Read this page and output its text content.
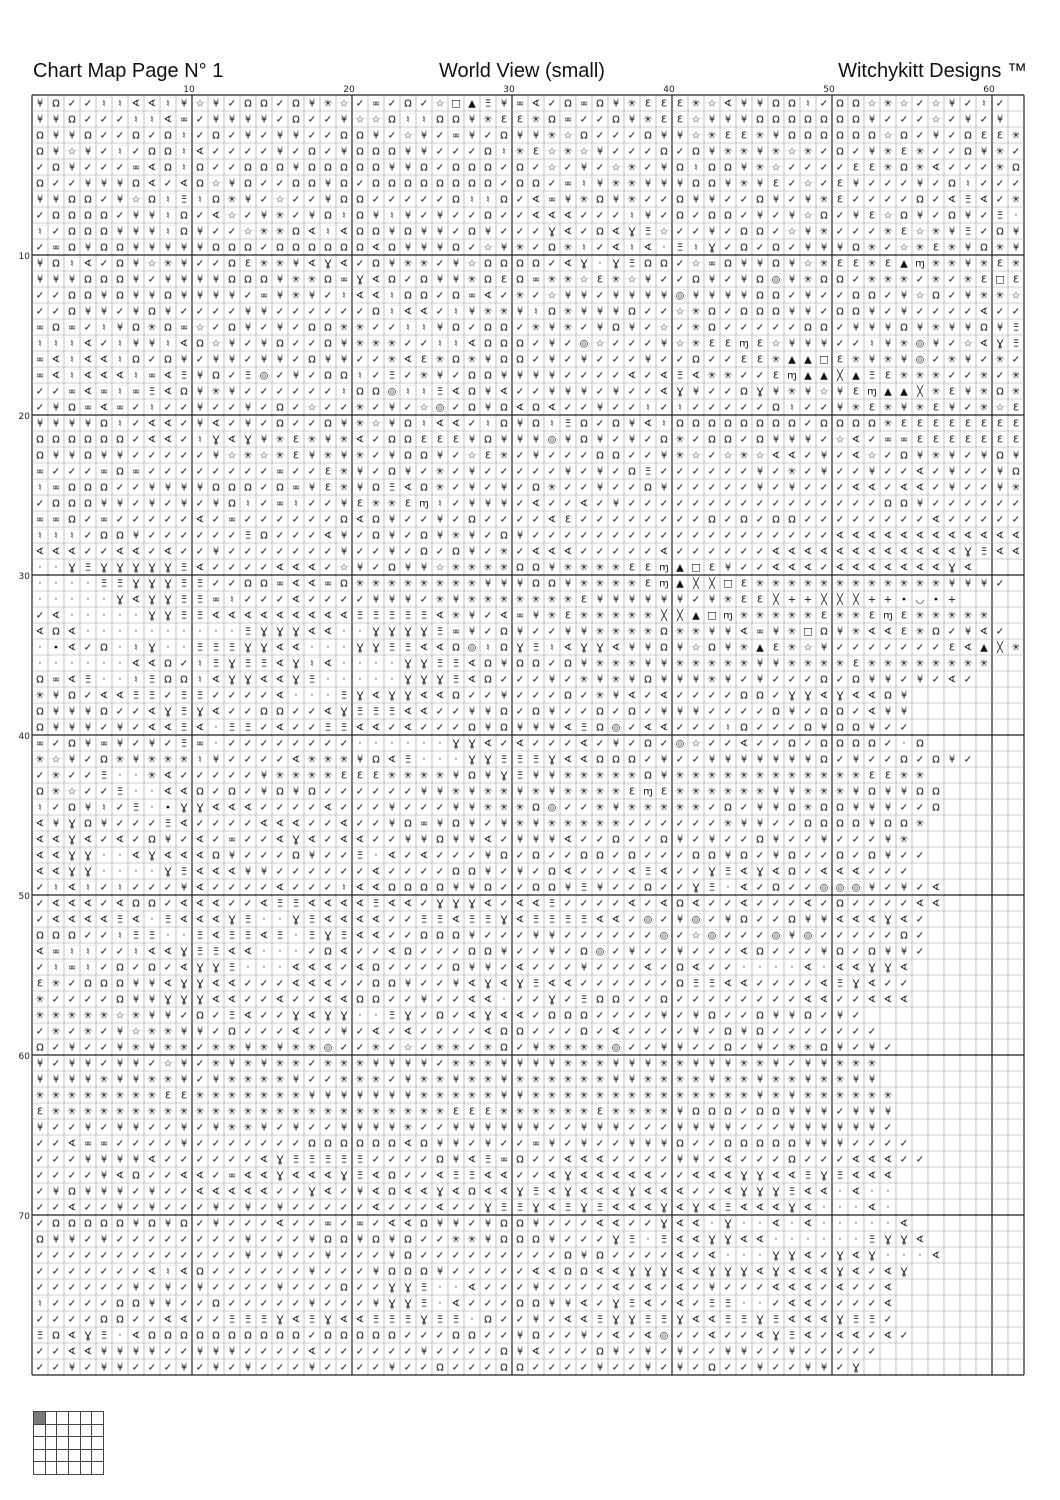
Chart Map Page N° 1	World View (small)	Witchykitt Designs ™
¥ Ω ✓ ✓ ♮ ♮ ∢ ∢ ♮ ¥ ☆ ¥ ✓ Ω Ω ✓ Ω ¥ ✳ ☆ ✓ ∞ ✓ Ω ✓ ☆ □ ▲ Ξ ¥ ∞ ∢ ✓ Ω ∞ Ω ¥ ✳ Ɛ Ɛ Ɛ ✳ ☆ ∢ ¥ ¥ Ω Ω ♮ ✓ Ω Ω ☆ ✳ ☆ ✓ ☆ ¥ ✓ ♮ ✓
¥ ¥ Ω ✓ ✓ ✓ ♮ ♮ ∢ ∞ ✓ ¥ ¥ ¥ ¥ ✓ Ω ✓ ✓ ¥ ☆ ☆ Ω ♮ ♮ Ω Ω ¥ ✳ Ɛ Ɛ ✳ Ω ∞ ✓ ✓ Ω ¥ ✳ Ɛ Ɛ ☆ ¥ ¥ ¥ Ω Ω Ω Ω Ω Ω Ω ¥ ✓ ✓ ✓ ☆ ✓ ¥ ✓ ¥
Ω ¥ ¥ Ω ✓ ✓ Ω ✓ Ω ♮ ✓ Ω ✓ ¥ ✓ ¥ ¥ ✓ ✓ Ω Ω ¥ ✓ ☆ ¥ ✓ ∞ ¥ ✓ Ω ¥ ¥ ✳ ☆ Ω ✓ ✓ ✓ Ω ¥ ¥ ☆ ✳ Ɛ Ɛ ✳ ¥ Ω Ω Ω Ω Ω Ω ☆ Ω ✓ ¥ ✓ Ω Ɛ Ɛ ✳
Ω ¥ ☆ ¥ ✓ ♮ ✓ Ω Ω ♮ ∢ ✓ ✓ ✓ ✓ ¥ ✓ Ω ✓ ¥ Ω Ω Ω ¥ ¥ ✓ ✓ ✓ Ω ♮ ✳ Ɛ ☆ ✳ ☆ ¥ ✓ ✓ ✓ Ω ✓ Ω ¥ ✳ ✳ ¥ ✳ ☆ ✳ ✓ Ω ✓ ¥ ✳ Ɛ ✳ ✓ ✓ Ω ¥ ✳ ✓
✓ Ω ¥ ✓ ✓ ✓ ∞ ∢ Ω ♮ Ω ✓ ✓ Ω Ω Ω ¥ Ω Ω Ω Ω Ω ¥ ¥ Ω ✓ Ω Ω Ω ✓ Ω ✓ ☆ ✓ ¥ ✓ ☆ ✳ ✓ ¥ Ω ♮ Ω Ω ¥ ✳ ☆ ✓ ✓ ✓ ✓ Ɛ Ɛ ✳ Ω ✳ ∢ ✓ ✓ ✓ ✳ Ω
Ω ✓ ✓ ¥ ¥ ¥ Ω ∢ ✓ ∢ Ω ☆ ¥ Ω ✓ ✓ Ω Ω ¥ Ω ✓ Ω Ω Ω Ω Ω Ω Ω Ω ✓ Ω Ω ✓ ∞ ♮ ¥ ✳ ✳ ¥ ¥ ¥ Ω Ω ¥ ✳ ¥ Ɛ ✓ ☆ ✓ Ɛ ¥ ✓ ✓ ✓ ¥ ✓ Ω ♮ ✓ ✓ ✓
¥ ¥ Ω Ω ✓ ¥ ☆ Ω ♮ Ξ ♮ Ω ✳ ¥ ✓ ☆ ✓ ✓ ¥ Ω Ω ✓ ✓ ✓ ✓ ✓ Ω ♮ ♮ Ω ✓ ∢ ∞ ¥ ✳ Ω ¥ ✳ ✓ ✓ Ω ¥ ¥ ✓ ✓ Ω ¥ ✓ ¥ ✳ Ɛ ✓ ✓ ✓ ✓ Ω ✓ ∢ Ξ ∢ ✓ ✳
✓ Ω Ω Ω Ω ✓ ¥ ¥ ♮ Ω ✓ ∢ ☆ ✓ ¥ ✳ ✓ ¥ Ω ♮ Ω ¥ ♮ ¥ ✓ ¥ ✓ ✓ Ω ✓ ✓ ∢ ∢ ∢ ✓ ✓ ✓ ♮ ¥ ✓ Ω ✓ Ω Ω ✓ ¥ ✓ ¥ ☆ Ω ✓ ¥ Ɛ ☆ Ω ¥ ✓ Ω ¥ ✓ Ξ ·
♮ ✓ Ω Ω Ω ¥ ¥ ¥ ♮ Ω ¥ ✓ ✓ ☆ ✳ ✳ Ω ∢ ♮ ∢ Ω Ω ¥ Ω ¥ ¥ ✓ Ω ¥ ✓ ✓ ✓ Ɣ ∢ ✓ Ω ∢ Ɣ Ξ ☆ ✓ ✓ ¥ ✓ Ω Ω ✓ ☆ ¥ ✳ ✓ ✓ ✓ ✳ Ɛ ☆ ✳ ¥ Ξ ✓ Ω ¥
✓ ∞ Ω ¥ Ω Ω ¥ ¥ ¥ ¥ ¥ Ω Ω Ω ✓ Ω Ω Ω Ω Ω Ω ∢ Ω ¥ ¥ ¥ Ω ✓ ☆ ¥ ✳ ✓ Ω ✳ ♮ ✓ ∢ ♮ ∢ · Ξ ♮ Ɣ ✓ Ω ✓ Ω ✓ ¥ ¥ ¥ Ω ✳ ✓ ☆ ✳ Ɛ ✳ ¥ Ω ✳ ¥
¥ Ω ♮ ∢ ✓ Ω ¥ ☆ ✳ ¥ ✓ ✓ Ω Ɛ ✳ ✳ ¥ ∢ Ɣ ∢ ✓ Ω ¥ ✳ ✳ ✓ ¥ ☆ Ω Ω Ω Ω ✓ ∢ Ɣ · Ɣ Ξ Ω Ω ✓ ☆ ∞ Ω ¥ ¥ Ω ¥ ☆ ✳ Ɛ Ɛ ✳ Ɛ ▲ ɱ ✳ ✳ ¥ ✳ Ɛ ✳
¥ ¥ ¥ Ω Ω Ω ¥ ✓ ¥ ¥ ¥ ¥ Ω Ω Ω ¥ ✳ ✳ Ω ∞ Ɣ ∢ Ω ✓ Ω ¥ ¥ ✳ Ω Ɛ Ω ∞ ✳ ✳ ☆ Ɛ ✳ ☆ ¥ ✓ ✓ Ω ¥ ✓ ¥ Ω ◎ ¥ ✳ Ω Ω ✓ ✳ ✳ ✳ ✓ ✳ ✓ ✳ Ɛ □ Ɛ
✓ ✓ Ω Ω ¥ Ω ¥ ¥ Ω ¥ ¥ ¥ ¥ ✓ ∞ ¥ ✳ ¥ ✓ ♮ ∢ ∢ ♮ Ω Ω ✓ Ω ∞ ∢ ✓ ✳ ✓ ☆ ¥ ¥ ✓ ¥ ¥ ¥ ¥ ◎ ¥ ¥ ¥ ¥ Ω Ω ✓ ¥ ✓ ✓ Ω Ω ✓ ¥ ☆ Ω ✓ ¥ ✳ ✳ ☆
✓ ✓ Ω ¥ ¥ ✓ ¥ Ω ¥ ✓ ✓ ✓ ✓ ¥ ¥ ✓ ✓ ✓ ✓ ✓ ✓ Ω ♮ ∢ ∢ ✓ ♮ ¥ ✳ ✳ ¥ ♮ Ω ✳ ¥ ¥ ¥ Ω ✓ ✓ ☆ ✳ Ω ✓ Ω Ω Ω ¥ ¥ ✓ Ω Ω ¥ ✓ ¥ ✓ ✓ ✓ ✓ ∢ ✓ ✓
∞ Ω ∞ ✓ ♮ ¥ Ω ✳ Ω ∞ ☆ ✓ Ω ¥ ✓ ¥ ✓ Ω Ω ✳ ✳ ✓ ✓ ♮ ♮ ¥ Ω ✓ Ω Ω ✓ ✳ ¥ ✳ ✓ ¥ Ω ¥ ✓ ☆ ✓ ✳ Ω ✓ ✓ ✓ ✓ ✓ Ω Ω ✓ ¥ ¥ ¥ Ω ¥ ✳ ¥ ¥ Ω ¥ Ξ
♮ ♮ ♮ ∢ ✓ ♮ ¥ ¥ ♮ ∢ Ω ☆ ¥ ✓ ¥ Ω ✓ ✓ Ω ¥ ✳ ✳ ✳ ✓ ✓ ♮ ♮ ∢ Ω Ω Ω ✓ ¥ ✓ ◎ ☆ ✓ ✓ ✓ ¥ ☆ ✳ Ɛ Ɛ ɱ Ɛ ☆ ¥ ¥ ¥ ✓ ✓ ♮ ¥ ✳ ◎ ¥ ✓ ☆ ∢ Ɣ Ξ
∞ ∢ ♮ ∢ ∢ ♮ Ω ✓ Ω ¥ ✓ ¥ ¥ ✓ ¥ ¥ ✓ Ω ¥ ¥ ✓ ✓ ✳ ∢ Ɛ ✳ Ω ✳ ¥ Ω Ω ✓ ¥ ✓ ¥ ✓ ✓ ✓ ¥ ✓ ✓ Ω ✓ ✓ Ɛ Ɛ ✳ ▲ ▲ □ Ɛ ✳ ¥ ✳ ¥ ◎ ✓ ✳ ¥ ✓ ✳ ✓
∞ ∢ ♮ ∢ ∢ ∢ ♮ ∞ ∢ Ξ ¥ Ω ✓ Ξ ◎ ✓ ¥ ✓ Ω Ω ♮ ✓ Ξ ✓ ✳ ¥ ✓ Ω Ω ¥ ¥ ¥ ¥ ✓ ✓ ✓ ✓ ∢ ✓ ∢ Ξ ∢ ✳ ✳ ✓ ✓ Ɛ ɱ ▲ ▲ ╳ ▲ Ξ Ɛ ✳ ✳ ✳ ✓ ✓ ✳ ✓ ✳
✓ ✓ ∞ ∢ ∞ ♮ ∞ Ξ ∢ Ω ¥ ✳ ¥ ✓ ✓ ✓ ✓ ✓ ✓ ♮ Ω Ω ◎ ♮ ♮ Ξ ∢ Ω ¥ ∢ ✓ ✓ ¥ ¥ ¥ ✓ ¥ ✓ ✓ ∢ Ɣ ¥ ✓ ✓ Ω Ɣ ¥ ✳ ¥ ☆ ¥ Ɛ ɱ ▲ ▲ ╳ ✳ Ɛ ¥ ✳ Ω ✳
✓ ¥ Ω ∞ ∢ ∞ ✓ ♮ ✓ ✓ ¥ ✓ ✓ ¥ ✓ Ω ✓ ☆ ✓ ✓ ✳ ✓ ¥ ✓ ☆ ◎ ✓ Ω ¥ Ω ∢ Ω ∢ ✓ ✓ ¥ ✓ ✓ ♮ ✓ ♮ ✓ ✓ ✓ ✓ ✓ Ω ♮ ✓ ✓ ¥ ✳ Ɛ ✳ ¥ ✳ Ɛ ¥ ✓ ✳ ☆ Ɛ
¥ ¥ ¥ ¥ Ω ♮ ✓ ∢ ∢ ✓ ¥ ∢ ✓ ¥ ✓ Ω ✓ ✓ Ω ¥ ✳ ☆ ¥ Ω ♮ ∢ ∢ ✓ ♮ Ω ¥ Ω ♮ Ξ Ω ✓ Ω ¥ ∢ ♮ Ω Ω Ω Ω Ω Ω Ω Ω ✓ Ω Ω Ω Ω ✳ Ɛ Ɛ Ɛ Ɛ Ɛ Ɛ Ɛ Ɛ
Ω Ω Ω Ω Ω Ω ✓ ∢ ∢ ✓ ♮ Ɣ ∢ Ɣ ¥ ✳ Ɛ ✳ ¥ ✳ ∢ ✓ Ω Ω Ɛ Ɛ Ɛ ¥ Ω ¥ ¥ ¥ ◎ ¥ Ω ¥ ✓ ¥ ✓ Ω ✳ ✓ Ω Ω ✓ Ω ¥ ¥ ¥ ✓ ☆ ∢ ✓ ∞ ∞ Ɛ Ɛ Ɛ Ɛ Ɛ Ɛ Ɛ
Ω ¥ ¥ Ω ¥ ¥ ✓ ✓ ✓ ✓ ✓ ¥ ☆ ✳ ☆ ✳ Ɛ ¥ ✳ ¥ ✳ ✓ ¥ Ω Ω ¥ ✓ ☆ Ɛ ✳ ✓ ¥ ✓ ✓ ✓ Ω Ω ✓ ✓ ¥ ✳ ☆ ✓ ☆ ✳ ☆ ∢ ∢ ✓ ¥ ✓ ∢ ☆ ✓ Ω ¥ ✳ ¥ ✓ ¥ Ω ¥
∞ ✓ ✓ ✓ ∞ Ω ∞ ✓ ✓ ✓ ✓ ✓ ✓ ✓ ✓ ∞ ✓ ✓ Ɛ ✳ ¥ ✓ Ω ¥ ✓ ✳ ✓ ¥ ✓ ✓ ✓ ✓ ✓ ¥ ✓ ¥ ✓ Ω Ξ ✓ ✓ ✓ ✓ ✓ ✓ ¥ ✓ ✳ ✓ ¥ ✓ ✓ ¥ ✓ ✓ ∢ ✓ ¥ ✓ ✓ ¥ Ω
♮ ∞ Ω Ω Ω ✓ ✓ ¥ ¥ ¥ ¥ Ω Ω Ω ✓ Ω ∞ ¥ Ɛ ✳ ¥ Ω Ξ ∢ Ω ✳ ✓ ¥ ✓ ¥ ✓ Ω ✳ ✓ ✓ ¥ ✓ ✓ Ω ¥ ✓ ✓ ✓ ✓ ✓ ¥ ✓ ¥ ✓ ✓ ✓ ∢ ∢ ✓ ∢ ∢ ✓ ¥ ✓ ✓ ¥ ✳
✓ Ω Ω Ω ¥ ¥ ✓ ¥ ✓ ¥ ✓ ¥ Ω ♮ ✓ ∞ ♮ ✓ ✓ ¥ Ɛ ✳ ✳ Ɛ ɱ ♮ ✓ ¥ ¥ ¥ ✓ ∢ ✓ ✓ ∢ ✓ ¥ ✓ ✓ ✓ ✓ ✓ ✓ ✓ ✓ ✓ ✓ ✓ ✓ ✓ ✓ ✓ ✓ Ω Ω ¥ ✓ ✓ ✓ ✓ ✓ ✓
∞ ∞ Ω ✓ ∞ ✓ ✓ ✓ ✓ ✓ ∢ ✓ ∞ ✓ ✓ ✓ ✓ ✓ ✓ Ω ∢ Ω ¥ ✓ ✓ ¥ ✓ Ω ✓ ✓ ✓ ✓ ∢ Ɛ ✓ ✓ ✓ ✓ ✓ ✓ ✓ ✓ Ω ✓ Ω ✓ Ω Ω ✓ ✓ ✓ ✓ ✓ ✓ ✓ ✓ ∢ ✓ ✓ ✓ ✓ ✓
♮ ♮ ♮ ✓ Ω Ω ¥ ✓ ✓ ✓ ✓ ✓ ✓ Ξ Ω ✓ ✓ ✓ ∢ ¥ ✓ Ω ¥ ✓ Ω ¥ ✳ ¥ ✓ Ω ¥ ✓ ✓ ✓ ✓ ✓ ✓ ✓ ✓ ✓ ✓ ✓ ✓ ✓ ✓ ✓ ✓ ✓ ✓ ✓ ∢ ∢ ∢ ∢ ∢ ∢ ∢ ∢ ∢ ∢ ∢ ∢
∢ ∢ ∢ ✓ ✓ ∢ ∢ ✓ ∢ ✓ ✓ ¥ ✓ ✓ ✓ ✓ ✓ ✓ ✓ ¥ ✓ ✓ ¥ ✓ Ω ✓ Ω ¥ ✓ ✳ ✓ ∢ ∢ ∢ ✓ ✓ ✓ ✓ ✓ ∢ ✓ ✓ ✓ ✓ ✓ ✓ ∢ ∢ ∢ ∢ ∢ ∢ ∢ ∢ ∢ ∢ ∢ ∢ Ɣ Ξ ∢ ∢
· · Ɣ Ξ Ɣ Ɣ Ɣ Ɣ Ɣ Ξ ∢ ✓ ✓ ✓ ✓ ∢ ∢ ∢ ✓ ☆ ¥ ✓ Ω ¥ ¥ ☆ ✳ ✳ ✳ ✳ Ω Ω ¥ ✳ ✳ ✳ ✳ Ɛ Ɛ ɱ ▲ □ Ɛ ¥ ✓ ✓ ∢ ∢ ∢ ✓ ∢ ∢ ∢ ∢ ∢ ∢ ∢ Ɣ ∢
· · · · Ξ Ξ Ɣ Ɣ Ɣ Ξ Ξ ✓ ✓ Ω Ω ∞ ∢ ∢ ∞ Ω ✳ ✳ ✳ ✳ ✳ ✳ ✳ ✳ ¥ ¥ ¥ Ω Ω ¥ ✳ ✳ ✳ ✳ Ɛ ɱ ▲ ╳ ╳ □ Ɛ ✳ ✳ ✳ ✳ ✳ ✳ ✳ ✳ ✳ ✳ ✳ ✳ ¥ ¥ ¥ ✓
· · · · · Ɣ ∢ Ɣ Ɣ Ξ Ξ ∞ ♮ ✓ ✓ ✓ ∢ ✓ ✓ ✓ ✓ ¥ ¥ ¥ ✓ ✳ ¥ ✳ ✳ ✳ ✳ ✳ ✳ ✳ Ɛ ¥ ¥ ¥ ¥ ¥ ¥ ✓ ¥ ✳ Ɛ Ɛ ╳ + + ╳ ╳ ╳ + + • ◡ • +
✓ ∢ · · · · · Ɣ Ɣ Ξ Ξ ∢ ∢ ∢ ∢ ∢ ∢ ∢ ∢ ∢ Ξ Ξ Ξ Ξ Ξ ∢ ✳ ¥ ✓ ∢ ∞ ¥ ✳ Ɛ ✳ ✳ ✳ ✳ ✳ ╳ ╳ ▲ □ ɱ ✳ ✳ ✳ ✳ ✳ Ɛ ✳ ✳ Ɛ ɱ Ɛ ✳ ✳ ✳ ✳ ✳
∢ Ω ∢ · · · · · · · · · · Ξ Ɣ Ɣ Ɣ ∢ ∢ · · Ɣ Ɣ Ɣ Ɣ Ξ ∞ ¥ ✓ Ω ¥ ✓ ✓ ¥ ¥ ✳ ✳ ✳ ✳ Ω ✳ ✳ ¥ ¥ ∢ ∞ ¥ ✳ □ Ω ¥ ✳ ∢ ∢ Ɛ ✳ Ω ✓ ¥ ∢ ✓
· • ∢ ✓ Ω · ♮ Ɣ · · Ξ Ξ Ξ Ɣ Ɣ ∢ ∢ · · · Ɣ Ɣ Ξ Ξ ∢ ∢ Ω ◎ ♮ Ω Ɣ Ξ ♮ ∢ Ɣ Ɣ ∢ ¥ ¥ Ω ¥ ☆ Ω ¥ ✳ ▲ Ɛ ✳ ☆ ¥ ✓ ✓ ✓ ✓ ✓ ✓ ✓ Ɛ ∢ ▲ ╳ ✳
· · · · · · ∢ ∢ Ω ✓ ♮ Ξ Ɣ Ξ Ξ ∢ Ɣ ♮ ∢ · · · · Ɣ Ɣ Ξ Ξ ∢ Ω ¥ Ω Ω ✓ Ω ¥ ✳ ✳ ✳ ¥ ¥ ✳ ✳ ✳ ✳ ✳ ¥ ¥ ✳ ✳ ✳ ✳ Ɛ ✳ ✳ ✳ ✳ ✳ ✳ ✳ ✳
Ω ∞ ∢ Ξ · · ♮ Ξ Ω Ω ♮ ∢ Ɣ Ɣ ∢ ∢ Ɣ Ξ · · · · · Ɣ Ɣ Ɣ Ξ ∢ Ω ✓ ✓ ✓ ¥ ✓ ✳ ¥ ✳ ¥ Ω ¥ ¥ ¥ ✳ ¥ ✓ ¥ ✓ ✓ ✓ Ω ✓ Ω ¥ ¥ ✓ ¥ ✓ ∢ ✓
✳ ¥ Ω ✓ ∢ ∢ Ξ Ξ ✓ Ξ Ξ ✓ ✓ ✓ ✓ ∢ · · · Ξ Ɣ ∢ Ɣ Ɣ ∢ ∢ Ω ✓ ✓ ¥ ✓ ✓ ✓ Ω ✓ ✳ ¥ ∢ ✓ ∢ ✓ ✓ ✓ ✓ Ω Ω ✓ Ɣ Ɣ ∢ Ɣ ∢ ∢ Ω ¥
Ω ¥ ¥ ¥ Ω ✓ ✓ ∢ Ɣ Ξ Ɣ ∢ ✓ ✓ Ω Ω ✓ ✓ ∢ Ɣ Ξ Ξ Ξ ∢ ∢ ✓ ✓ ¥ ¥ Ω ✓ Ω ¥ ✓ ✓ Ω ✓ Ω ✓ ¥ ¥ ¥ ✓ ✓ ✓ ✓ Ω ¥ ✓ Ω Ω ✓ ∢ ¥ ¥
Ω ¥ ¥ ¥ ✓ ¥ ✓ ∢ ∢ Ξ ∢ · Ξ Ξ ✓ ∢ ✓ ✓ Ξ Ξ ∢ ∢ ✓ ∢ ✓ ✓ ✓ Ω ¥ Ω ¥ ¥ ¥ ∢ Ξ Ω ◎ ✓ ∢ ∢ ✓ ✓ ✓ ♮ Ω ✓ ✓ ✓ Ω ¥ Ω Ω ¥ ✓ ✓
∞ ✓ Ω ¥ ∞ ¥ ✓ ¥ ✓ Ξ ∞ · ✓ ✓ ✓ ✓ ✓ ✓ ✓ ✓ · · · · · · Ɣ Ɣ ∢ ✓ ∢ ✓ ✓ ✓ ∢ ✓ ¥ ✓ Ω ✓ ◎ ☆ ✓ ✓ ∢ ✓ ✓ Ω ✓ Ω Ω Ω Ω ✓ · Ω
✳ ☆ ¥ ✓ Ω ✳ ¥ ✳ ✳ ✳ ♮ ¥ ✓ ✓ ✓ ✓ ∢ ✳ ✳ ✳ ¥ Ω ∢ Ξ · · · Ɣ Ɣ Ξ Ξ Ξ Ɣ ∢ ∢ Ω Ω Ω ✓ ¥ ✓ ✓ ¥ ¥ ¥ ¥ ¥ ¥ ¥ Ω ✓ ¥ ✓ ✓ Ω ✓ Ω ¥ ✓
✓ ✳ ✓ ✓ Ξ · · ✳ ∢ ✓ ✓ ✓ ✓ ✓ ¥ ✳ ✳ ✳ ✳ Ɛ Ɛ Ɛ ✳ ✳ ✳ ✳ ¥ Ω ¥ Ɣ Ξ ¥ ¥ ✳ ✳ ✳ ✳ ✳ Ω ¥ ✳ ✳ ✳ ✳ ✳ ✳ ✳ ✳ ✳ ✳ ✳ ✳ Ɛ Ɛ ✳ ✳
Ω ✳ ☆ ✓ ✓ Ξ · · ∢ ∢ Ω ✓ Ω ✓ ¥ Ω ¥ Ω ✓ ✓ ✓ ✓ ✓ ✓ ¥ ¥ ✳ ¥ ✳ ✳ ¥ ✳ ¥ ✳ ✳ ✳ ✳ Ɛ ɱ Ɛ ✳ ✳ ✳ ✳ ✳ ✳ ¥ ¥ ✳ ✳ ✳ ¥ Ω ¥ ¥ Ω Ω
♮ ✓ Ω ¥ ♮ ✓ Ξ · • Ɣ Ɣ ∢ ∢ ∢ ✓ ✓ ✓ ✓ ∢ ✓ ✓ ✓ ¥ ✓ ✓ ✓ ¥ ¥ ✳ ✳ ✳ Ω ◎ ✓ ✓ ✳ ¥ ✳ ✳ ✳ ✳ ✳ ✓ Ω ✓ ¥ ¥ Ω ✳ Ω Ω ¥ ¥ ¥ ✓ ✓ Ω
∢ ¥ Ɣ Ω ¥ ✓ ✓ ✓ Ξ ∢ ✓ ✓ ✓ ✓ ∢ ∢ ∢ ✓ ✓ ∢ ✓ ✓ ¥ Ω ∞ ¥ Ω ¥ ✓ ¥ ✳ ¥ ✳ ✳ ✳ ✳ ✳ ✓ ✓ ✓ ✓ ✓ ✓ ✳ ¥ ¥ ✓ ✓ Ω Ω Ω Ω ¥ Ω Ω ✳
∢ ∢ Ɣ ∢ ✓ ∢ ✓ Ω ¥ ✓ ∢ ✓ ∞ ✓ ✓ ∢ Ɣ ∢ ✓ ∢ ∢ ✓ ✓ ¥ ¥ Ω ¥ ¥ ∢ ✓ ¥ ¥ ¥ ∢ ✓ ✓ Ω ✓ ✓ Ω ¥ ✓ ¥ ✓ ✓ Ω ¥ ✓ ✓ ¥ ✓ ✓ ✓ ¥ ✳
∢ ∢ Ɣ Ɣ · · ∢ Ɣ ∢ ∢ ∢ Ω ¥ ✓ ✓ ✓ Ω ¥ ✓ ✓ Ξ · ∢ ✓ ∢ ✓ ✓ ✓ ¥ Ω ✓ Ω ✓ ✓ Ω Ω ✓ Ω ✓ ✓ ✓ Ω Ω ¥ Ω ✓ ¥ Ω ✓ ✓ Ω ✓ Ω ¥ ✓ ✓
∢ ∢ Ɣ Ɣ · · · · Ɣ Ξ ∢ ∢ ∢ ¥ ¥ ✓ ✓ ✓ ✓ ✓ ✓ ∢ ✓ ✓ ✓ ✓ Ω Ω ¥ ✓ ¥ ✓ Ω ∢ ✓ ✓ ✓ ∢ Ξ ∢ ✓ ✓ Ɣ Ξ ∢ Ɣ ∢ Ω ✓ ∢ ∢ ∢ ✓ ✓ ✓
✓ ♮ ∢ ♮ ✓ ♮ ✓ ✓ ✓ ¥ ∢ ✓ ✓ ✓ ✓ ∢ ✓ ✓ ✓ ♮ ∢ ∢ Ω Ω Ω Ω ¥ ¥ Ω ✓ ✓ Ω Ω ¥ Ξ ¥ ✓ ✓ Ω ✓ ✓ Ɣ Ξ · ∢ ✓ Ω ✓ ✓ ◎ ◎ ◎ ¥ ✓ ¥ ✓ ∢
✓ ∢ ∢ ∢ ✓ ∢ Ω Ω ✓ ∢ ∢ ∢ ✓ ✓ ∢ Ξ Ξ ∢ ∢ ∢ ∢ Ξ ∢ ∢ ✓ Ɣ Ɣ Ɣ ∢ ✓ ∢ ∢ Ξ ✓ ✓ ✓ ✓ ∢ ✓ ∢ Ω ∢ ✓ ✓ ∢ ✓ ✓ ✓ ∢ ✓ Ω ✓ ✓ ✓ ✓ ∢ ∢
✓ ∢ ∢ ∢ ∢ Ξ ∢ · Ξ ∢ ∢ ∢ Ɣ Ξ · · Ɣ Ξ ∢ ∢ ∢ ∢ ✓ ✓ Ξ Ξ ∢ Ξ Ξ Ɣ ∢ Ξ Ξ Ξ Ξ ∢ ∢ ✓ ◎ ✓ ¥ ◎ ✓ ¥ Ω ✓ ✓ Ω ¥ ¥ ∢ ∢ ∢ Ɣ ∢ ✓
Ω Ω Ω ✓ ✓ ♮ Ξ Ξ · · Ξ ∢ Ξ Ξ ∢ Ξ · Ξ Ɣ Ξ ∢ ∢ ✓ ✓ Ω Ω Ω ¥ ✓ ✓ ✓ ¥ ¥ ✓ ✓ ✓ ✓ ✓ ✓ ◎ ✓ ☆ ◎ ✓ ✓ ✓ ◎ ¥ ◎ ✓ ✓ ✓ ✓ ✓ Ω ✓
∢ ∞ ♮ ♮ ✓ ✓ ♮ ∢ ∢ Ɣ Ξ Ξ ∢ ∢ · · · ✓ Ω ∢ ✓ ✓ ∢ Ω ✓ ✓ ✓ Ω Ω ¥ ✓ ✓ ¥ ✓ Ω ◎ ✓ ¥ ✓ ✓ ¥ ✓ ✓ ✓ ∢ Ω ✓ ✓ ✓ ¥ Ω ✓ Ω ¥ ¥ ✓
✓ ♮ ∞ ♮ ✓ Ω ✓ Ω ✓ ∢ Ɣ Ɣ Ξ · · · ∢ ∢ ∢ ✓ ∢ Ω ✓ ✓ ✓ ✓ Ω ¥ ¥ ✓ ∢ ✓ ✓ ✓ ¥ ✓ ✓ ✓ ∢ ✓ Ω ∢ ✓ ✓ · · · · ∢ · ∢ ∢ Ɣ Ɣ ∢
Ɛ ✳ ✓ Ω Ω Ω ¥ ¥ ∢ Ɣ Ɣ ∢ ∢ ✓ ✓ ✓ ∢ ∢ ∢ ✓ ✓ Ω Ω ¥ ✓ ✓ ¥ ∢ Ɣ ∢ Ɣ Ξ ∢ ∢ ✓ ✓ ✓ ✓ ✓ ✓ Ω Ξ Ξ ∢ ∢ ✓ ✓ ✓ ✓ ∢ Ξ Ɣ ∢ ✓ ✓
✳ ✓ ✓ ✓ ✓ Ω ¥ ¥ Ɣ Ɣ Ɣ ∢ ∢ ✓ ✓ ∢ ✓ ✓ ∢ ∢ Ω Ω ✓ ✓ ¥ ✓ ✓ ∢ ∢ · ✓ ✓ Ɣ ✓ Ξ Ω Ω ✓ ✓ Ω ✓ ✓ ✓ ✓ ✓ ✓ ✓ ✓ ∢ ∢ ✓ ✓ ∢ ∢ ∢
✳ ✳ ✳ ✳ ✳ ☆ ✳ ¥ ¥ ✓ Ω ✓ Ξ ∢ ✓ ✓ Ɣ ∢ Ɣ Ɣ · · Ξ Ɣ ✓ Ω ✓ ∢ Ɣ ∢ ∢ ✓ Ω Ω Ω ✓ ✓ ✓ ✓ ¥ ✓ ¥ Ω ✓ ✓ Ω ¥ ¥ Ω ✓ ¥ ✓
✓ ✳ ✓ ✳ ✓ ¥ ☆ ✳ ✳ ¥ ¥ ✓ Ω ✓ ✓ ✓ ∢ ✓ ✓ ¥ ✓ ∢ ✓ ∢ ✓ ✓ ✓ ✓ ∢ Ω Ω ✓ ✓ ✓ Ω ✓ ∢ ✓ ✓ ✓ ✓ ¥ ✓ Ω ¥ Ω ✓ ✓ ✓ ✓ ✓ ✓ ✓
Ω ✓ ¥ ✓ ✓ ¥ ✳ ¥ ✳ ✳ ✓ ✳ ✳ ¥ ✳ ¥ ✳ ✳ ◎ ✓ ✓ ✳ ✓ ☆ ✓ ✳ ✳ ✓ ✳ Ω ✓ ¥ ✳ ✳ ✳ ✳ ◎ ✓ ✓ ¥ ¥ ✓ ✓ Ω ✓ ¥ ✓ ✳ ✳ Ω ¥ ✓ ¥ ✓
¥ ✓ ¥ ¥ ✓ ¥ ¥ ✓ ☆ ¥ ✓ ✳ ¥ ✳ ¥ ✳ ✳ ✓ ✳ ✳ ✳ ¥ ¥ ¥ ¥ ✓ ✳ ✳ ✳ ¥ ¥ ¥ ¥ ✳ ✳ ✳ ¥ ¥ ¥ ✳ ✳ ¥ ¥ ¥ ✳ ✳ ¥ ✓ ¥ ¥ ✳ ✳ ✳
¥ ¥ ¥ ¥ ✳ ¥ ¥ ✳ ✳ ¥ ✓ ¥ ✳ ✳ ✳ ✳ ¥ ✓ ✓ ✳ ✳ ✳ ✓ ¥ ✳ ✳ ¥ ✳ ✳ ¥ ✳ ✳ ✳ ✳ ✳ ✳ ¥ ¥ ✳ ✳ ✳ ✳ ¥ ✳ ✳ ¥ ✳ ✳ ¥ ✳ ✳ ¥ ¥
✳ ✳ ✳ ✳ ✳ ✳ ✳ ✳ Ɛ Ɛ ✳ ✳ ✳ ✳ ✳ ✳ ✳ ¥ ¥ ¥ ¥ ¥ ¥ ¥ ✳ ✳ ✳ ✳ ✳ ¥ ¥ ✳ ✳ ✳ ✳ ✳ ✳ ✳ ✳ ✳ ✳ ✳ ✳ ✳ ✳ ¥ ✳ ¥ ✳ ✳ ✳ ✳ ✳ ✳
Ɛ ✳ ✳ ✳ ✳ ✳ ✳ ✳ ✳ ✳ ✳ ✳ ✳ ✳ ✳ ✳ ✳ ✳ ✳ ✳ ✳ ✳ ✳ ✳ ✳ ✳ Ɛ Ɛ Ɛ ✳ ✳ ✳ ✳ ✳ ✳ Ɛ ✳ ✳ ✳ ✳ ¥ Ω Ω Ω ✓ Ω Ω ¥ ¥ ¥ ✓ ¥ ¥ ¥
¥ ✓ ✓ ¥ ✓ ¥ ¥ ✓ ✓ ¥ ✓ ¥ ✳ ✳ ¥ ✓ ¥ ✓ ✓ ¥ ¥ ¥ ¥ ✳ ✓ ✓ ¥ ¥ ¥ ¥ ¥ ¥ ✓ ✓ ¥ ¥ ¥ ✓ ✓ ✓ ¥ ¥ ¥ ¥ ✓ ✓ ✓ ¥ ¥ ¥ ¥ ¥ ¥ ✓
✓ ✓ ∢ ∞ ∞ ✓ ✓ ✓ ✓ ¥ ✓ ✓ ✓ ✓ ✓ ✓ ✓ Ω Ω Ω Ω Ω Ω ∢ Ω ¥ ¥ ✓ ¥ ✓ ✓ ∞ ¥ ✓ ¥ ✓ ✓ ¥ ¥ ¥ Ω ✓ ✓ Ω Ω Ω Ω Ω ¥ ¥ ¥ ✓ ✓ ✓ ✓
✓ ✓ ✓ ¥ ¥ ¥ ¥ ∢ ✓ ✓ ✓ ✓ ✓ ✓ ∢ Ɣ Ξ Ξ Ξ Ξ Ξ ✓ ✓ ✓ ✓ Ω ¥ ∢ Ξ ∞ Ω ✓ ✓ ∢ ∢ ∢ ✓ ✓ ✓ ✓ ¥ ¥ ✓ ∢ ✓ ✓ ✓ Ω ✓ ✓ ✓ ∢ ∢ ∢ ✓ ✓
✓ ✓ ✓ ✓ ¥ ∢ Ω ✓ ✓ ∢ ∢ ✓ ∞ ∢ ∢ Ɣ ∢ ∢ ∢ Ɣ Ξ ∢ Ω ✓ ✓ ∢ Ξ Ξ ∢ ∢ ✓ ✓ ∢ Ɣ ∢ ∢ ∢ ∢ ∢ ✓ ✓ ∢ ∢ ∢ Ɣ Ɣ ∢ ∢ Ξ Ɣ Ξ ∢ ∢ ∢
✓ ¥ Ω ¥ ¥ ¥ ✓ ¥ ✓ ✓ ∢ ∢ ∢ ∢ ∢ ✓ ✓ Ɣ ∢ ✓ ¥ ∢ Ω ∢ ∢ Ɣ ∢ Ω ∢ ∢ Ɣ Ξ ∢ Ɣ ∢ ∢ ∢ Ɣ ∢ ∢ ∢ ✓ ✓ ∢ Ɣ Ɣ Ɣ Ξ ∢ ∢ · ∢ · ·
✓ ✓ ∢ ✓ ✓ ¥ ✓ ¥ ✓ ✓ ✓ ¥ ✓ ¥ ✓ ¥ ✓ ✓ ✓ ✓ ✓ ∢ ✓ ✓ ✓ ∢ ✓ ✓ Ɣ Ξ Ξ Ɣ ∢ Ξ Ɣ Ξ ∢ ∢ ∢ Ɣ ∢ Ɣ ∢ Ξ ∢ ∢ ∢ Ɣ ∢ · · · ∢ ·
✓ Ω Ω Ω Ω Ω ¥ Ω ¥ Ω ✓ ¥ ✓ ✓ ✓ ∢ ✓ ✓ ∞ ✓ ∞ ✓ ∢ ∢ Ω ¥ ¥ ✓ ¥ Ω Ω ¥ ✓ ✓ ✓ ∢ ∢ ✓ ✓ Ɣ ∢ ∢ · Ɣ · · ∢ · ∢ · · · · · ∢
Ω ¥ ¥ ✓ ¥ ✓ ✓ ✓ ✓ ✓ ✓ ✓ ✓ ¥ ✓ ✓ ✓ ¥ Ω Ω ¥ Ω ¥ Ω ✓ ✓ ✳ ✳ ¥ Ω Ω Ω ¥ ✓ ✓ ✓ Ɣ Ξ · Ξ ∢ ∢ Ɣ Ɣ ∢ ∢ · · · · · · Ξ Ɣ Ɣ ∢
✓ ✓ ✓ ✓ ✓ ✓ ✓ ✓ ✓ ✓ ✓ ✓ ✓ ¥ ✓ ¥ ✓ ✓ ¥ ✓ ✓ ✓ ¥ Ω ✓ ✓ ✓ ✓ ✓ ✓ ✓ ✓ ✓ Ω ¥ Ω ✓ ✓ ✓ ✓ ∢ ✓ ∢ · · · Ɣ Ɣ ∢ ✓ Ɣ ∢ Ɣ · · · ∢
✓ ✓ ✓ ✓ ✓ ✓ ✓ ∢ ♮ ∢ Ω ✓ ✓ ✓ ✓ ✓ ✓ ¥ ✓ ✓ ✓ ¥ Ω Ω Ω ¥ ✓ ✓ ✓ ✓ ✓ ∢ ∢ Ω Ω ∢ ∢ Ɣ Ɣ Ɣ ∢ ∢ Ɣ Ɣ Ɣ ∢ Ɣ ∢ ∢ ∢ Ɣ ∢ ✓ ∢ Ɣ
✓ ✓ ✓ ✓ ✓ ✓ ¥ ✓ ¥ ✓ ¥ ✓ ✓ ✓ ✓ ¥ ✓ ✓ ✓ Ω ✓ ✓ Ɣ Ɣ Ξ · · ∢ ✓ ✓ ✓ ¥ ✓ ✓ ✓ ✓ ∢ ✓ ∢ ✓ ∢ ✓ ¥ ✓ ✓ ✓ ∢ ∢ ∢ ✓ ∢ ✓ ✓ ∢
♮ ✓ ✓ ✓ ✓ Ω Ω ¥ ¥ ✓ ✓ Ω ✓ ✓ ✓ ✓ ✓ ¥ ✓ ✓ ✓ ¥ Ɣ Ɣ Ξ · ∢ ✓ ✓ ✓ Ω Ω ¥ ¥ ∢ ✓ Ɣ Ξ ∢ ✓ ∢ ✓ Ξ Ξ · · ✓ ∢ ∢ ✓ ✓ ✓ ✓ ∢
✓ ✓ ✓ ✓ Ω Ω ✓ ✓ ∢ ∢ ✓ ✓ Ξ Ξ Ξ Ɣ ∢ Ξ Ɣ ∢ ∢ Ξ Ξ Ξ Ɣ Ξ Ξ · Ω ✓ ✓ ¥ ✓ ∢ ∢ Ξ Ɣ Ɣ Ξ Ξ Ɣ ∢ ∢ Ξ Ξ Ɣ Ξ ∢ ∢ ∢ Ɣ Ξ Ξ ✓
Ξ Ω ∢ Ɣ Ξ · ∢ Ω Ω Ω Ω Ω Ω Ω Ω Ω Ω ✓ Ω Ω Ω Ω Ω ✓ ✓ ✓ Ω Ω ✓ ✓ ¥ Ω ✓ ✓ ¥ ✓ ∢ ✓ ∢ ◎ ✓ ✓ ∢ ✓ ✓ ∢ Ɣ Ξ ∢ ✓ ∢ ∢ ✓ ∢ ✓
✓ ✓ ∢ ∢ ¥ ¥ ¥ ¥ ✓ ✓ ¥ ¥ ¥ ✓ ✓ ✓ ✓ ∢ ✓ ✓ ✓ ✓ ✓ ✓ ¥ ✓ ✓ ✓ ✓ Ω ¥ ∢ ✓ ✓ ✓ Ω ¥ ✓ ¥ ✓ ¥ ✓ ✓ ¥ ¥ ✓ ✓ ¥ ✓ ✓ ✓ ✓ ✓
✓ ✓ ¥ ✓ ¥ ¥ ✓ ✓ ✓ ¥ ✓ ¥ ✓ ¥ ✓ ✓ ✓ ¥ ✓ ✓ ✓ ✓ ¥ ✓ ✓ Ω ✓ ✓ ✓ Ω Ω ✓ ✓ ✓ ✓ ¥ ✓ ✓ ¥ ✓ ¥ ✓ Ω ✓ ✓ ¥ ✓ ✓ ¥ ¥ ✓ Ɣ
10	20	30	40	50	60
10
20
30
40
50
60
70
